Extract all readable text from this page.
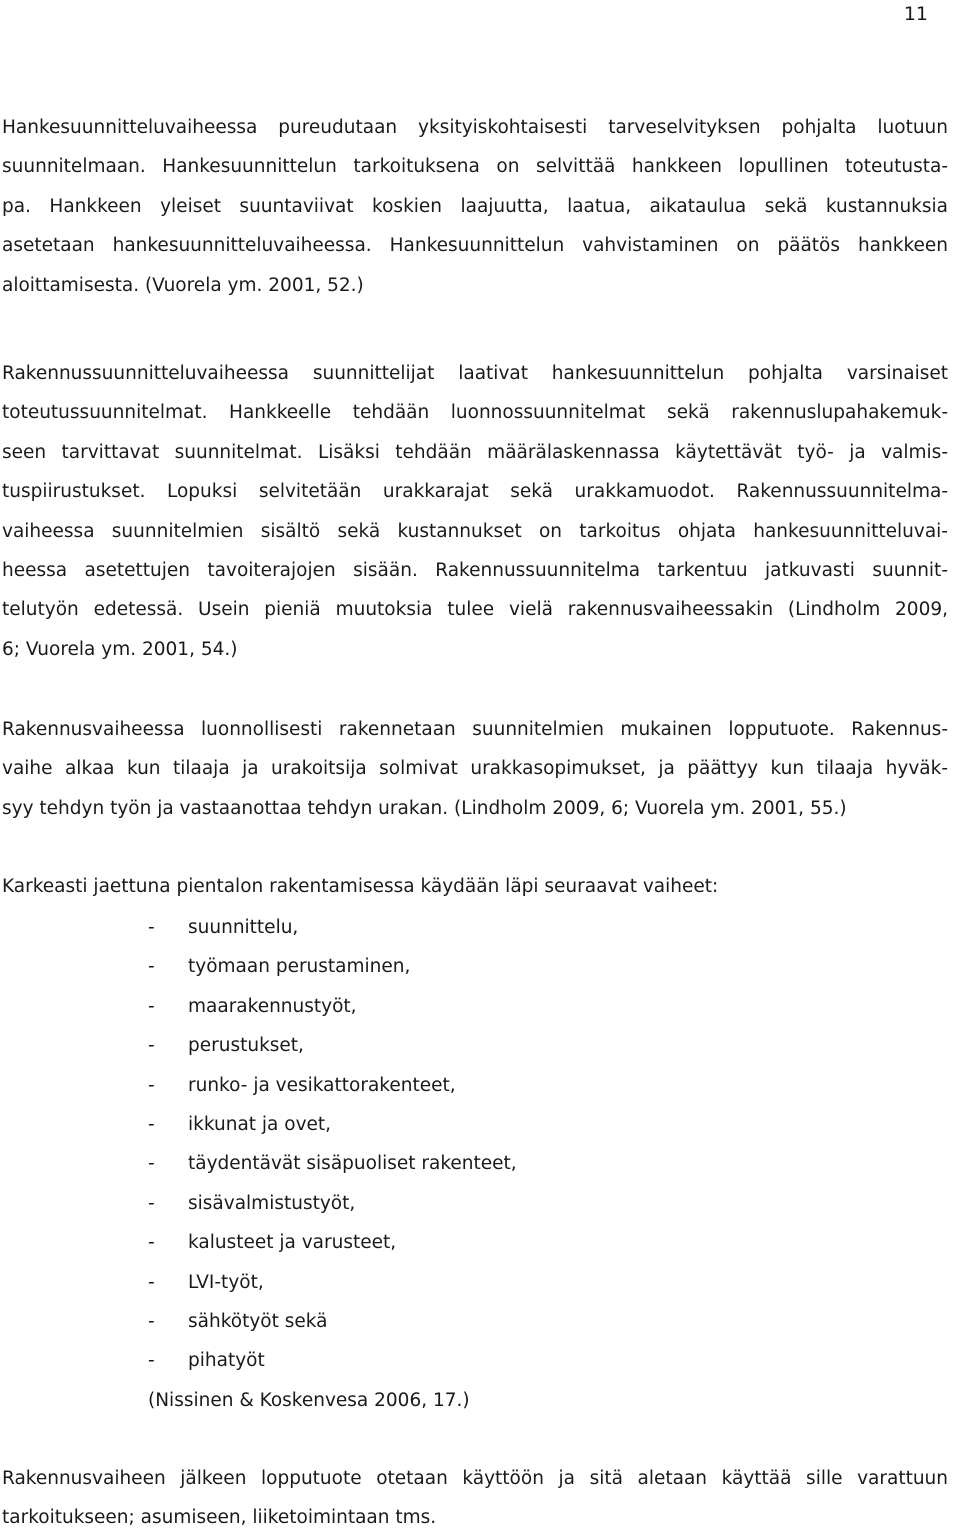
11
Hankesuunnitteluvaiheessa pureudutaan yksityiskohtaisesti tarveselvityksen pohjalta luotuun
suunnitelmaan. Hankesuunnittelun tarkoituksena on selvittää hankkeen lopullinen toteutusta-
pa. Hankkeen yleiset suuntaviivat koskien laajuutta, laatua, aikataulua sekä kustannuksia
asetetaan hankesuunnitteluvaiheessa. Hankesuunnittelun vahvistaminen on päätös hankkeen
aloittamisesta. (Vuorela ym. 2001, 52.)
Rakennussuunnitteluvaiheessa suunnittelijat laativat hankesuunnittelun pohjalta varsinaiset
toteutussuunnitelmat. Hankkeelle tehdään luonnossuunnitelmat sekä rakennuslupahakemuk-
seen tarvittavat suunnitelmat. Lisäksi tehdään määrälaskennassa käytettävät työ- ja valmis-
tuspiirustukset. Lopuksi selvitetään urakkarajat sekä urakkamuodot. Rakennussuunnitelma-
vaiheessa suunnitelmien sisältö sekä kustannukset on tarkoitus ohjata hankesuunnitteluvai-
heessa asetettujen tavoiterajojen sisään. Rakennussuunnitelma tarkentuu jatkuvasti suunnit-
telutyön edetessä. Usein pieniä muutoksia tulee vielä rakennusvaiheessakin (Lindholm 2009,
6; Vuorela ym. 2001, 54.)
Rakennusvaiheessa luonnollisesti rakennetaan suunnitelmien mukainen lopputuote. Rakennus-
vaihe alkaa kun tilaaja ja urakoitsija solmivat urakkasopimukset, ja päättyy kun tilaaja hyväk-
syy tehdyn työn ja vastaanottaa tehdyn urakan. (Lindholm 2009, 6; Vuorela ym. 2001, 55.)
Karkeasti jaettuna pientalon rakentamisessa käydään läpi seuraavat vaiheet:
-	suunnittelu,
-	työmaan perustaminen,
-	maarakennustyöt,
-	perustukset,
-	runko- ja vesikattorakenteet,
-	ikkunat ja ovet,
-	täydentävät sisäpuoliset rakenteet,
-	sisävalmistustyöt,
-	kalusteet ja varusteet,
-	LVI-työt,
-	sähkötyöt sekä
-	pihatyöt
(Nissinen & Koskenvesa 2006, 17.)
Rakennusvaiheen jälkeen lopputuote otetaan käyttöön ja sitä aletaan käyttää sille varattuun
tarkoitukseen; asumiseen, liiketoimintaan tms.
